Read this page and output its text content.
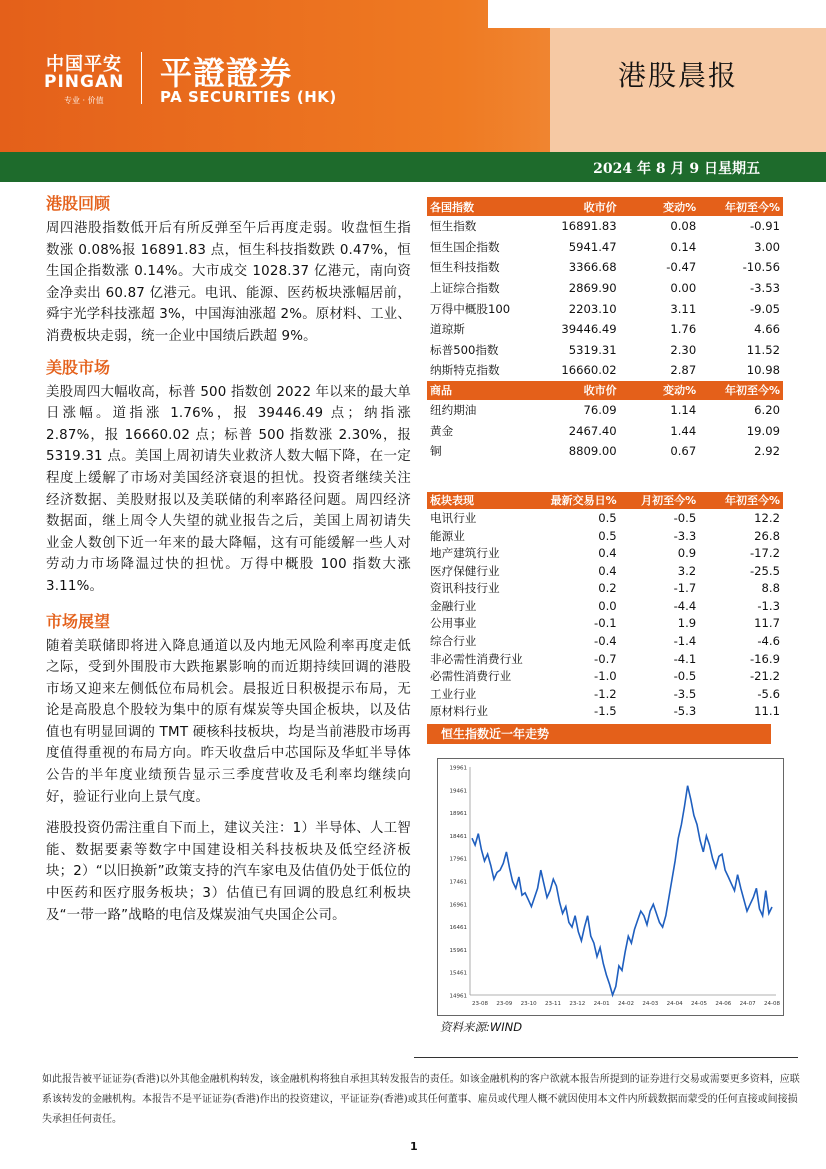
中国平安
PINGAN
专业 · 价值
平證證券
PA SECURITIES (HK)
港股晨报
2024 年 8 月 9 日星期五
港股回顾

周四港股指数低开后有所反弹至午后再度走弱。收盘恒生指数涨 0.08%报 16891.83 点，恒生科技指数跌 0.47%，恒生国企指数涨 0.14%。大市成交 1028.37 亿港元，南向资金净卖出 60.87 亿港元。电讯、能源、医药板块涨幅居前，舜宇光学科技涨超 3%，中国海油涨超 2%。原材料、工业、消费板块走弱，统一企业中国绩后跌超 9%。

美股市场

美股周四大幅收高，标普 500 指数创 2022 年以来的最大单日涨幅。道指涨 1.76%，报 39446.49 点；纳指涨 2.87%，报 16660.02 点；标普 500 指数涨 2.30%，报 5319.31 点。美国上周初请失业救济人数大幅下降，在一定程度上缓解了市场对美国经济衰退的担忧。投资者继续关注经济数据、美股财报以及美联储的利率路径问题。周四经济数据面，继上周令人失望的就业报告之后，美国上周初请失业金人数创下近一年来的最大降幅，这有可能缓解一些人对劳动力市场降温过快的担忧。万得中概股 100 指数大涨 3.11%。

市场展望

随着美联储即将进入降息通道以及内地无风险利率再度走低之际，受到外围股市大跌拖累影响的而近期持续回调的港股市场又迎来左侧低位布局机会。晨报近日积极提示布局，无论是高股息个股较为集中的原有煤炭等央国企板块，以及估值也有明显回调的 TMT 硬核科技板块，均是当前港股市场再度值得重视的布局方向。昨天收盘后中芯国际及华虹半导体公告的半年度业绩预告显示三季度营收及毛利率均继续向好，验证行业向上景气度。

港股投资仍需注重自下而上，建议关注：1）半导体、人工智能、数据要素等数字中国建设相关科技板块及低空经济板块；2）“以旧换新”政策支持的汽车家电及估值仍处于低位的中医药和医疗服务板块；3）估值已有回调的股息红利板块及“一带一路”战略的电信及煤炭油气央国企公司。

各国指数	收市价	变动%	年初至今%
恒生指数	16891.83	0.08	-0.91
恒生国企指数	5941.47	0.14	3.00
恒生科技指数	3366.68	-0.47	-10.56
上证综合指数	2869.90	0.00	-3.53
万得中概股100	2203.10	3.11	-9.05
道琼斯	39446.49	1.76	4.66
标普500指数	5319.31	2.30	11.52
纳斯特克指数	16660.02	2.87	10.98
商品	收市价	变动%	年初至今%
纽约期油	76.09	1.14	6.20
黄金	2467.40	1.44	19.09
铜	8809.00	0.67	2.92
板块表现	最新交易日%	月初至今%	年初至今%
电讯行业	0.5	-0.5	12.2
能源业	0.5	-3.3	26.8
地产建筑行业	0.4	0.9	-17.2
医疗保健行业	0.4	3.2	-25.5
资讯科技行业	0.2	-1.7	8.8
金融行业	0.0	-4.4	-1.3
公用事业	-0.1	1.9	11.7
综合行业	-0.4	-1.4	-4.6
非必需性消费行业	-0.7	-4.1	-16.9
必需性消费行业	-1.0	-0.5	-21.2
工业行业	-1.2	-3.5	-5.6
原材料行业	-1.5	-5.3	11.1
恒生指数近一年走势
14961
15461
15961
16461
16961
17461
17961
18461
18961
19461
19961
23-08 23-09 23-10 23-11 23-12 24-01 24-02 24-03 24-04 24-05 24-06 24-07 24-08
资料来源:WIND
如此报告被平证证券(香港)以外其他金融机构转发，该金融机构将独自承担其转发报告的责任。如该金融机构的客户欲就本报告所提到的证券进行交易或需要更多资料，应联系该转发的金融机构。本报告不是平证证券(香港)作出的投资建议，平证证券(香港)或其任何董事、雇员或代理人概不就因使用本文件内所载数据而蒙受的任何直接或间接损失承担任何责任。
1
